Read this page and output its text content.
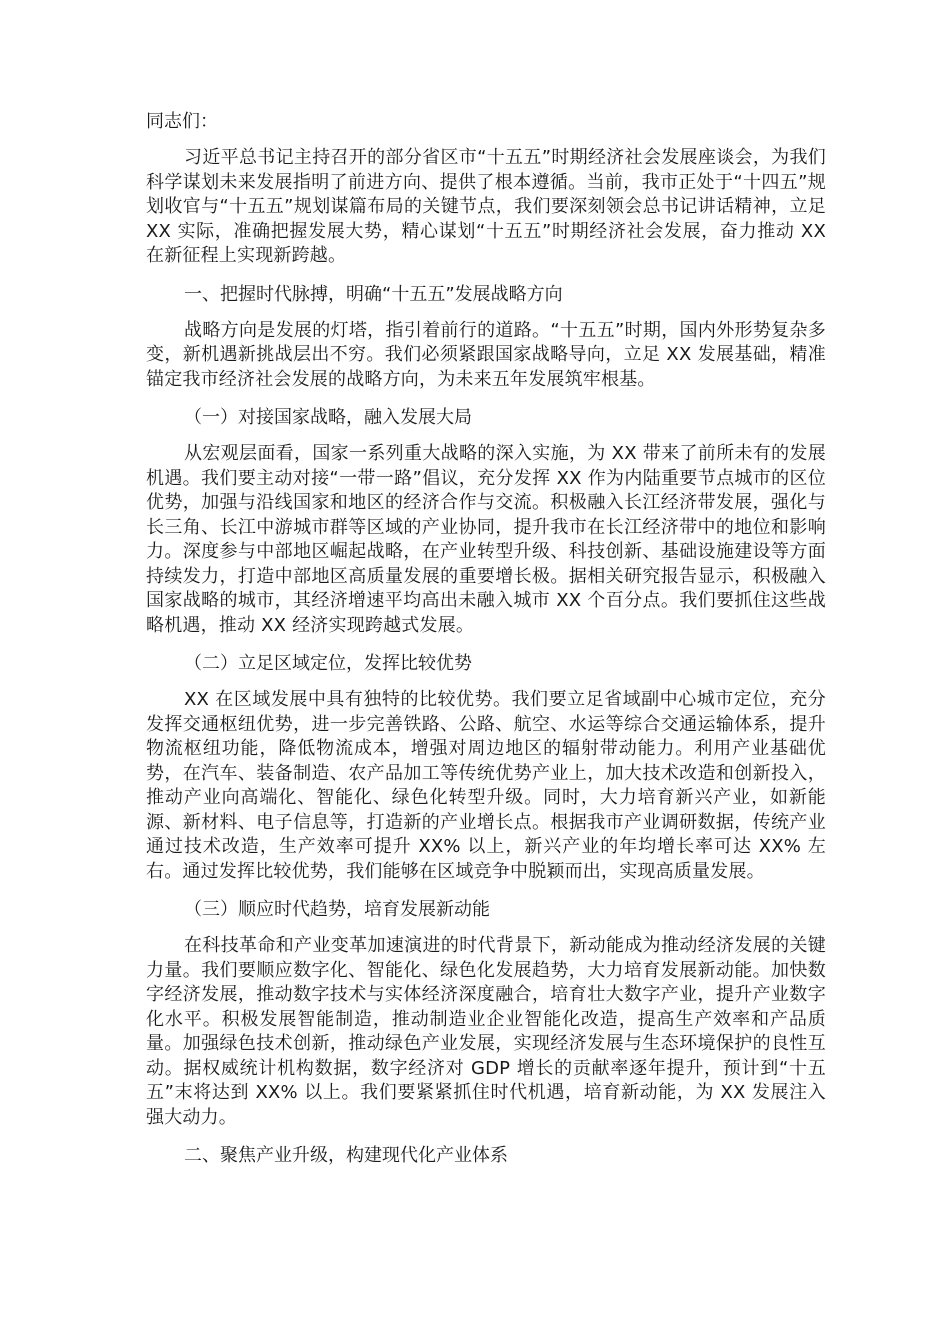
同志们：

习近平总书记主持召开的部分省区市“十五五”时期经济社会发展座谈会，为我们科学谋划未来发展指明了前进方向、提供了根本遵循。当前，我市正处于“十四五”规划收官与“十五五”规划谋篇布局的关键节点，我们要深刻领会总书记讲话精神，立足 XX 实际，准确把握发展大势，精心谋划“十五五”时期经济社会发展，奋力推动 XX 在新征程上实现新跨越。

一、把握时代脉搏，明确“十五五”发展战略方向

战略方向是发展的灯塔，指引着前行的道路。“十五五”时期，国内外形势复杂多变，新机遇新挑战层出不穷。我们必须紧跟国家战略导向，立足 XX 发展基础，精准锚定我市经济社会发展的战略方向，为未来五年发展筑牢根基。

（一）对接国家战略，融入发展大局

从宏观层面看，国家一系列重大战略的深入实施，为 XX 带来了前所未有的发展机遇。我们要主动对接“一带一路”倡议，充分发挥 XX 作为内陆重要节点城市的区位优势，加强与沿线国家和地区的经济合作与交流。积极融入长江经济带发展，强化与长三角、长江中游城市群等区域的产业协同，提升我市在长江经济带中的地位和影响力。深度参与中部地区崛起战略，在产业转型升级、科技创新、基础设施建设等方面持续发力，打造中部地区高质量发展的重要增长极。据相关研究报告显示，积极融入国家战略的城市，其经济增速平均高出未融入城市 XX 个百分点。我们要抓住这些战略机遇，推动 XX 经济实现跨越式发展。

（二）立足区域定位，发挥比较优势

XX 在区域发展中具有独特的比较优势。我们要立足省域副中心城市定位，充分发挥交通枢纽优势，进一步完善铁路、公路、航空、水运等综合交通运输体系，提升物流枢纽功能，降低物流成本，增强对周边地区的辐射带动能力。利用产业基础优势，在汽车、装备制造、农产品加工等传统优势产业上，加大技术改造和创新投入，推动产业向高端化、智能化、绿色化转型升级。同时，大力培育新兴产业，如新能源、新材料、电子信息等，打造新的产业增长点。根据我市产业调研数据，传统产业通过技术改造，生产效率可提升 XX% 以上，新兴产业的年均增长率可达 XX% 左右。通过发挥比较优势，我们能够在区域竞争中脱颖而出，实现高质量发展。

（三）顺应时代趋势，培育发展新动能

在科技革命和产业变革加速演进的时代背景下，新动能成为推动经济发展的关键力量。我们要顺应数字化、智能化、绿色化发展趋势，大力培育发展新动能。加快数字经济发展，推动数字技术与实体经济深度融合，培育壮大数字产业，提升产业数字化水平。积极发展智能制造，推动制造业企业智能化改造，提高生产效率和产品质量。加强绿色技术创新，推动绿色产业发展，实现经济发展与生态环境保护的良性互动。据权威统计机构数据，数字经济对 GDP 增长的贡献率逐年提升，预计到“十五五”末将达到 XX% 以上。我们要紧紧抓住时代机遇，培育新动能，为 XX 发展注入强大动力。

二、聚焦产业升级，构建现代化产业体系
